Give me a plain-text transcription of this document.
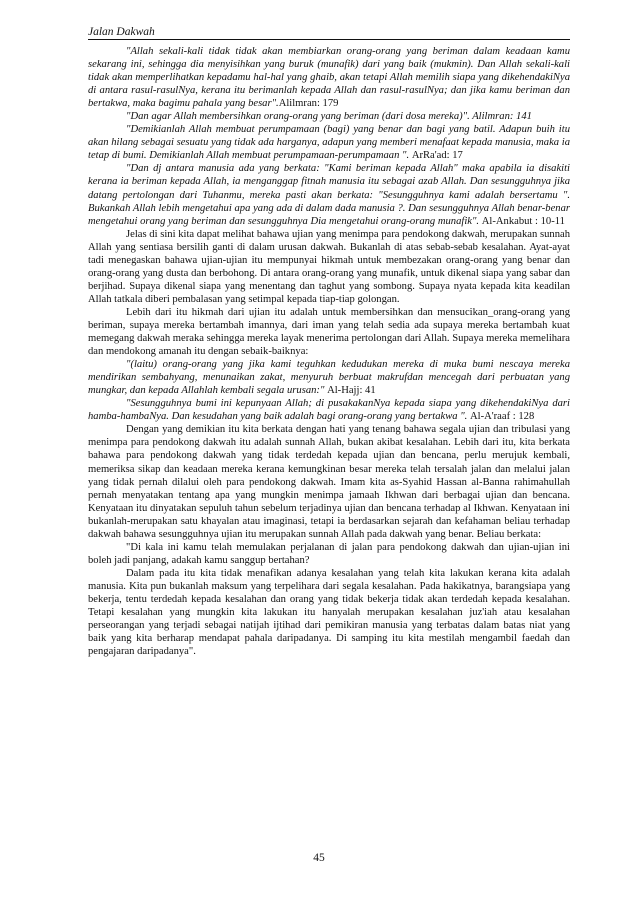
Jalan Dakwah

"Allah sekali-kali tidak tidak akan membiarkan orang-orang yang beriman dalam keadaan kamu sekarang ini, sehingga dia menyisihkan yang buruk (munafik) dari yang baik (mukmin). Dan Allah sekali-kali tidak akan memperlihatkan kepadamu hal-hal yang ghaib, akan tetapi Allah memilih siapa yang dikehendakiNya di antara rasul-rasulNya, kerana itu berimanlah kepada Allah dan rasul-rasulNya; dan jika kamu beriman dan bertakwa, maka bagimu pahala yang besar".Alilmran: 179

"Dan agar Allah membersihkan orang-orang yang beriman (dari dosa mereka)". Alilmran: 141

"Demikianlah Allah membuat perumpamaan (bagi) yang benar dan bagi yang batil. Adapun buih itu akan hilang sebagai sesuatu yang tidak ada harganya, adapun yang memberi menafaat kepada manusia, maka ia tetap di bumi. Demikianlah Allah membuat perumpamaan-perumpamaan ". ArRa'ad: 17

"Dan dj antara manusia ada yang berkata: "Kami beriman kepada Allah" maka apabila ia disakiti kerana ia beriman kepada Allah, ia menganggap fitnah manusia itu sebagai azab Allah. Dan sesungguhnya jika datang pertolongan dari Tuhanmu, mereka pasti akan berkata: "Sesungguhnya kami adalah bersertamu ". Bukankah Allah lebih mengetahui apa yang ada di dalam dada manusia ?. Dan sesungguhnya Allah benar-benar mengetahui orang yang beriman dan sesungguhnya Dia mengetahui orang-orang munafik". Al-Ankabut : 10-11

Jelas di sini kita dapat melihat bahawa ujian yang menimpa para pendokong dakwah, merupakan sunnah Allah yang sentiasa bersilih ganti di dalam urusan dakwah. Bukanlah di atas sebab-sebab kesalahan. Ayat-ayat tadi menegaskan bahawa ujian-ujian itu mempunyai hikmah untuk membezakan orang-orang yang benar dan orang-orang yang dusta dan berbohong. Di antara orang-orang yang munafik, untuk dikenal siapa yang sabar dan berjihad. Supaya dikenal siapa yang menentang dan taghut yang sombong. Supaya nyata kepada kita keadilan Allah tatkala diberi pembalasan yang setimpal kepada tiap-tiap golongan.

Lebih dari itu hikmah dari ujian itu adalah untuk membersihkan dan mensucikan_orang-orang yang beriman, supaya mereka bertambah imannya, dari iman yang telah sedia ada supaya mereka bertambah kuat memegang dakwah meraka sehingga mereka layak menerima pertolongan dari Allah. Supaya mereka memelihara dan mendokong amanah itu dengan sebaik-baiknya:

"(laitu) orang-orang yang jika kami teguhkan kedudukan mereka di muka bumi nescaya mereka mendirikan sembahyang, menunaikan zakat, menyuruh berbuat makrufdan mencegah dari perbuatan yang mungkar, dan kepada Allahlah kembali segala urusan:" Al-Hajj: 41

"Sesungguhnya bumi ini kepunyaan Allah; di pusakakanNya kepada siapa yang dikehendakiNya dari hamba-hambaNya. Dan kesudahan yang baik adalah bagi orang-orang yang bertakwa ". Al-A'raaf : 128

Dengan yang demikian itu kita berkata dengan hati yang tenang bahawa segala ujian dan tribulasi yang menimpa para pendokong dakwah itu adalah sunnah Allah, bukan akibat kesalahan. Lebih dari itu, kita berkata bahawa para pendokong dakwah yang tidak terdedah kepada ujian dan bencana, perlu merujuk kembali, memeriksa sikap dan keadaan mereka kerana kemungkinan besar mereka telah tersalah jalan dan melalui jalan yang tidak pernah dilalui oleh para pendokong dakwah. Imam kita as-Syahid Hassan al-Banna rahimahullah pernah menyatakan tentang apa yang mungkin menimpa jamaah Ikhwan dari berbagai ujian dan bencana. Kenyataan itu dinyatakan sepuluh tahun sebelum terjadinya ujian dan bencana terhadap al Ikhwan. Kenyataan ini bukanlah-merupakan satu khayalan atau imaginasi, tetapi ia berdasarkan sejarah dan kefahaman beliau terhadap dakwah bahawa sesungguhnya ujian itu merupakan sunnah Allah pada dakwah yang benar. Beliau berkata:

"Di kala ini kamu telah memulakan perjalanan di jalan para pendokong dakwah dan ujian-ujian ini boleh jadi panjang, adakah kamu sanggup bertahan?

Dalam pada itu kita tidak menafikan adanya kesalahan yang telah kita lakukan kerana kita adalah manusia. Kita pun bukanlah maksum yang terpelihara dari segala kesalahan. Pada hakikatnya, barangsiapa yang bekerja, tentu terdedah kepada kesalahan dan orang yang tidak bekerja tidak akan terdedah kepada kesalahan. Tetapi kesalahan yang mungkin kita lakukan itu hanyalah merupakan kesalahan juz'iah atau kesalahan perseorangan yang terjadi sebagai natijah ijtihad dari pemikiran manusia yang terbatas dalam batas niat yang baik yang kita berharap mendapat pahala daripadanya. Di samping itu kita mestilah mengambil faedah dan pengajaran daripadanya".

45
